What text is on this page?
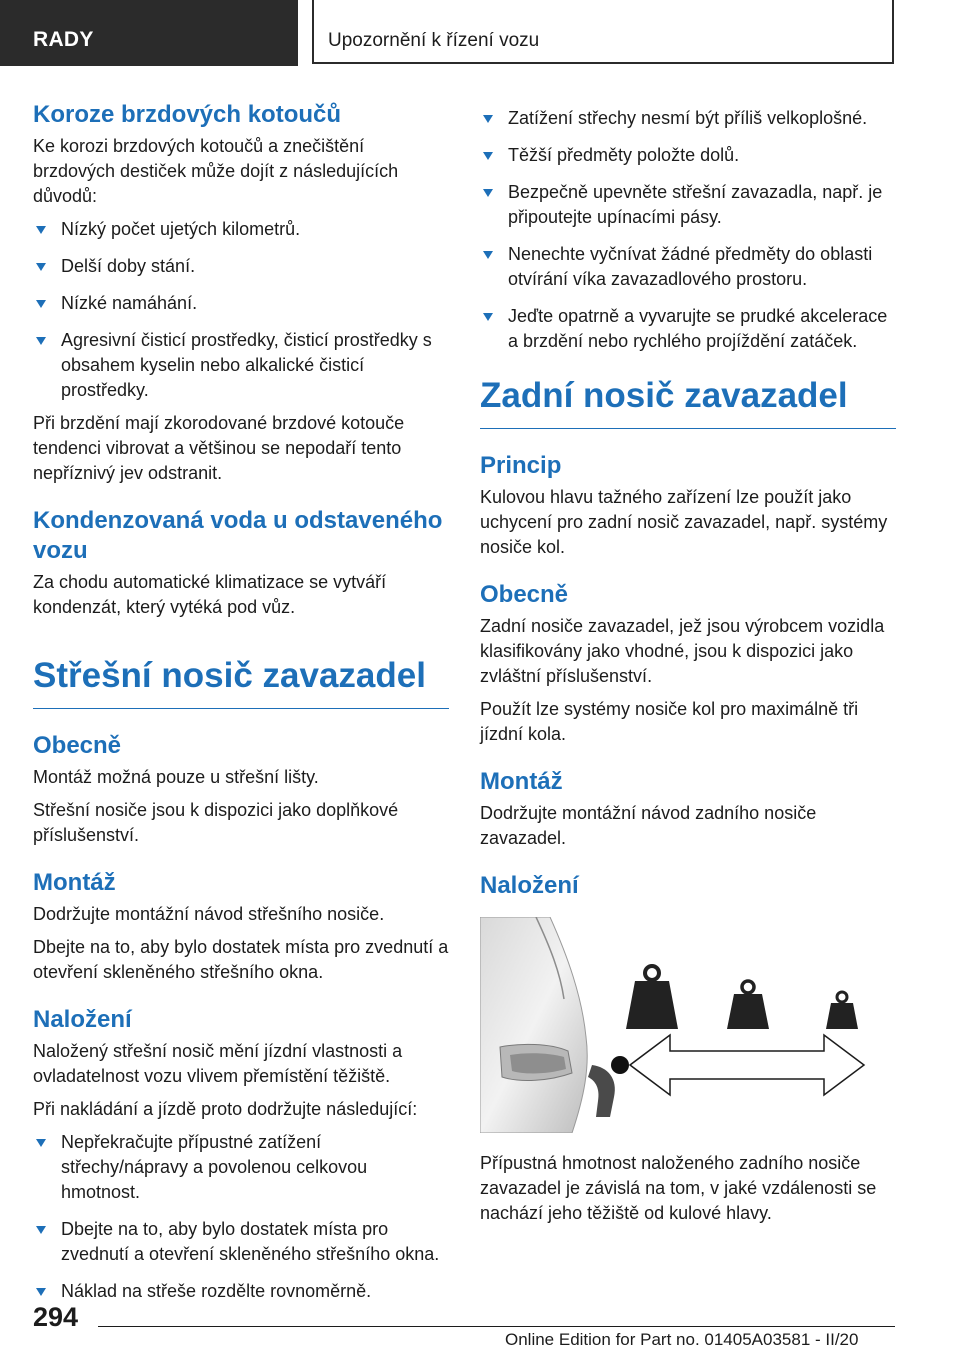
RADY	Upozornění k řízení vozu
Koroze brzdových kotoučů

Ke korozi brzdových kotoučů a znečištění brzdových destiček může dojít z následujících důvodů:

Nízký počet ujetých kilometrů.
Delší doby stání.
Nízké namáhání.
Agresivní čisticí prostředky, čisticí prostředky s obsahem kyselin nebo alkalické čisticí prostředky.

Při brzdění mají zkorodované brzdové kotouče tendenci vibrovat a většinou se nepodaří tento nepříznivý jev odstranit.

Kondenzovaná voda u odstaveného vozu

Za chodu automatické klimatizace se vytváří kondenzát, který vytéká pod vůz.

Střešní nosič zavazadel
Obecně

Montáž možná pouze u střešní lišty.

Střešní nosiče jsou k dispozici jako doplňkové příslušenství.

Montáž

Dodržujte montážní návod střešního nosiče.

Dbejte na to, aby bylo dostatek místa pro zvednutí a otevření skleněného střešního okna.

Naložení

Naložený střešní nosič mění jízdní vlastnosti a ovladatelnost vozu vlivem přemístění těžiště.

Při nakládání a jízdě proto dodržujte následující:

Nepřekračujte přípustné zatížení střechy/nápravy a povolenou celkovou hmotnost.
Dbejte na to, aby bylo dostatek místa pro zvednutí a otevření skleněného střešního okna.
Náklad na střeše rozdělte rovnoměrně.
Zatížení střechy nesmí být příliš velkoplošné.
Těžší předměty položte dolů.
Bezpečně upevněte střešní zavazadla, např. je připoutejte upínacími pásy.
Nenechte vyčnívat žádné předměty do oblasti otvírání víka zavazadlového prostoru.
Jeďte opatrně a vyvarujte se prudké akcelerace a brzdění nebo rychlého projíždění zatáček.
Zadní nosič zavazadel
Princip

Kulovou hlavu tažného zařízení lze použít jako uchycení pro zadní nosič zavazadel, např. systémy nosiče kol.

Obecně

Zadní nosiče zavazadel, jež jsou výrobcem vozidla klasifikovány jako vhodné, jsou k dispozici jako zvláštní příslušenství.

Použít lze systémy nosiče kol pro maximálně tři jízdní kola.

Montáž

Dodržujte montážní návod zadního nosiče zavazadel.

Naložení

Přípustná hmotnost naloženého zadního nosiče zavazadel je závislá na tom, v jaké vzdálenosti se nachází jeho těžiště od kulové hlavy.

294
Online Edition for Part no. 01405A03581 - II/20
